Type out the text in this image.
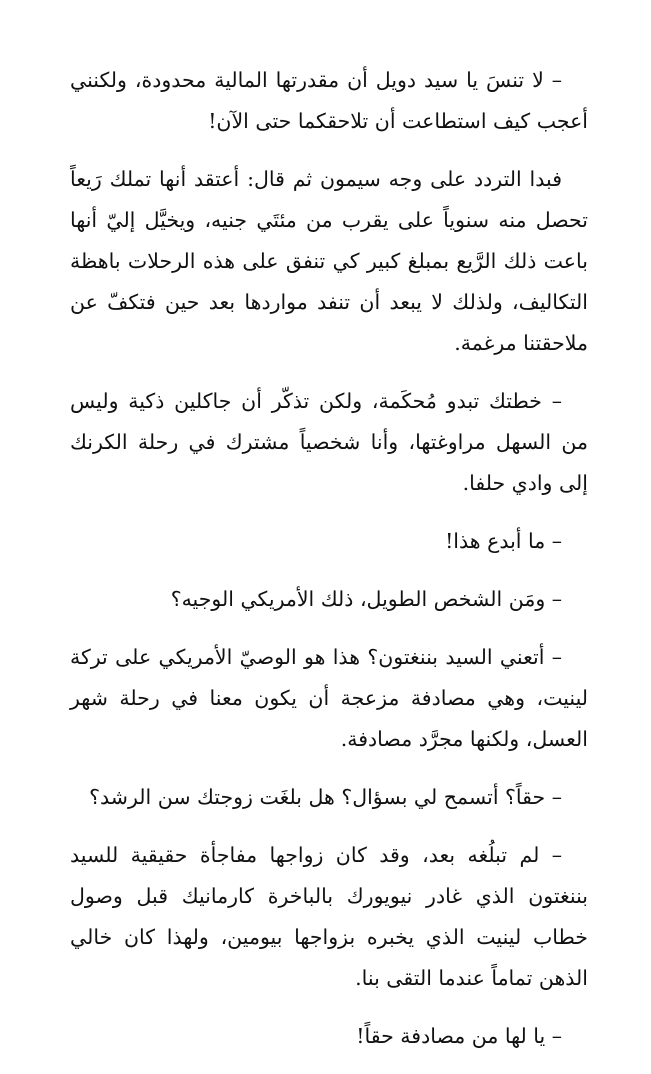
– لا تنسَ يا سيد دويل أن مقدرتها المالية محدودة، ولكنني أعجب كيف استطاعت أن تلاحقكما حتى الآن!

فبدا التردد على وجه سيمون ثم قال: أعتقد أنها تملك رَيعاً تحصل منه سنوياً على يقرب من مئتَي جنيه، ويخيَّل إليّ أنها باعت ذلك الرَّيع بمبلغ كبير كي تنفق على هذه الرحلات باهظة التكاليف، ولذلك لا يبعد أن تنفد مواردها بعد حين فتكفّ عن ملاحقتنا مرغمة.

– خطتك تبدو مُحكَمة، ولكن تذكّر أن جاكلين ذكية وليس من السهل مراوغتها، وأنا شخصياً مشترك في رحلة الكرنك إلى وادي حلفا.

– ما أبدع هذا!

– ومَن الشخص الطويل، ذلك الأمريكي الوجيه؟

– أتعني السيد بننغتون؟ هذا هو الوصيّ الأمريكي على تركة لينيت، وهي مصادفة مزعجة أن يكون معنا في رحلة شهر العسل، ولكنها مجرَّد مصادفة.

– حقاً؟ أتسمح لي بسؤال؟ هل بلغَت زوجتك سن الرشد؟

– لم تبلُغه بعد، وقد كان زواجها مفاجأة حقيقية للسيد بننغتون الذي غادر نيويورك بالباخرة كارمانيك قبل وصول خطاب لينيت الذي يخبره بزواجها بيومين، ولهذا كان خالي الذهن تماماً عندما التقى بنا.

– يا لها من مصادفة حقاً!
